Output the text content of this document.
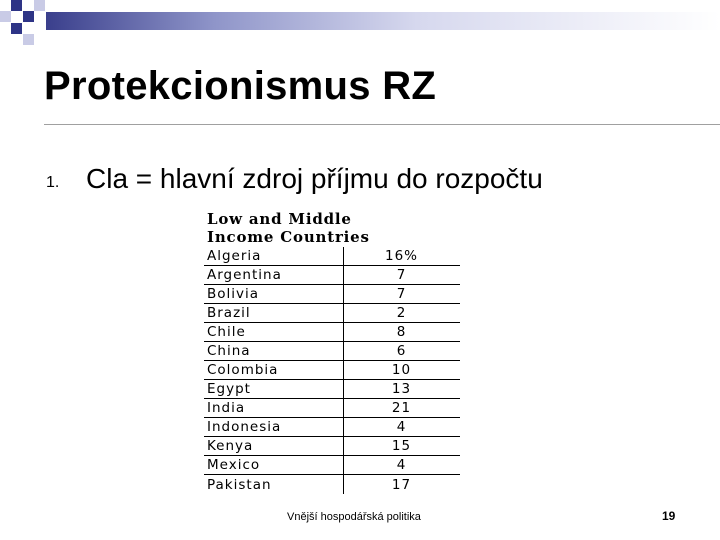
Protekcionismus RZ
1. Cla = hlavní zdroj příjmu do rozpočtu
Low and Middle
Income Countries
Algeria	16%
Argentina	7
Bolivia	7
Brazil	2
Chile	8
China	6
Colombia	10
Egypt	13
India	21
Indonesia	4
Kenya	15
Mexico	4
Pakistan	17
Vnější hospodářská politika	19
